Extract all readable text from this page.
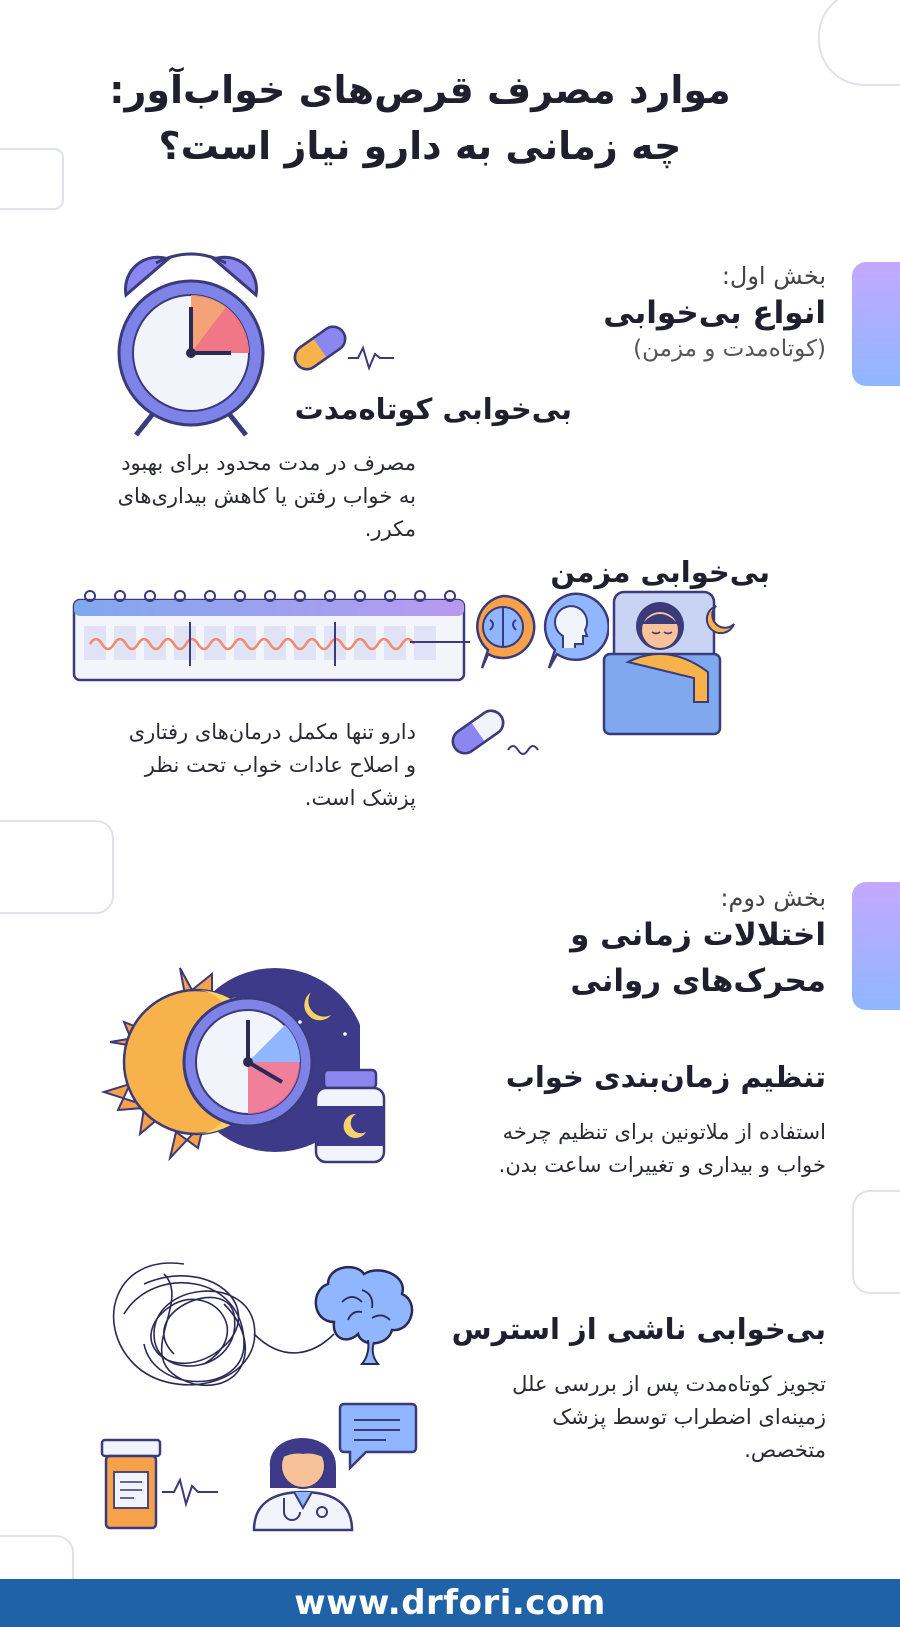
موارد مصرف قرص‌های خواب‌آور:
چه زمانی به دارو نیاز است؟
بخش اول:
انواع بی‌خوابی
(کوتاه‌مدت و مزمن)
بی‌خوابی کوتاه‌مدت
مصرف در مدت محدود برای بهبود
به خواب رفتن یا کاهش بیداری‌های
مکرر.
بی‌خوابی مزمن
دارو تنها مکمل درمان‌های رفتاری
و اصلاح عادات خواب تحت نظر
پزشک است.
بخش دوم:
اختلالات زمانی و
محرک‌های روانی
تنظیم زمان‌بندی خواب
استفاده از ملاتونین برای تنظیم چرخه
خواب و بیداری و تغییرات ساعت بدن.
بی‌خوابی ناشی از استرس
تجویز کوتاه‌مدت پس از بررسی علل
زمینه‌ای اضطراب توسط پزشک
متخصص.
www.drfori.com
